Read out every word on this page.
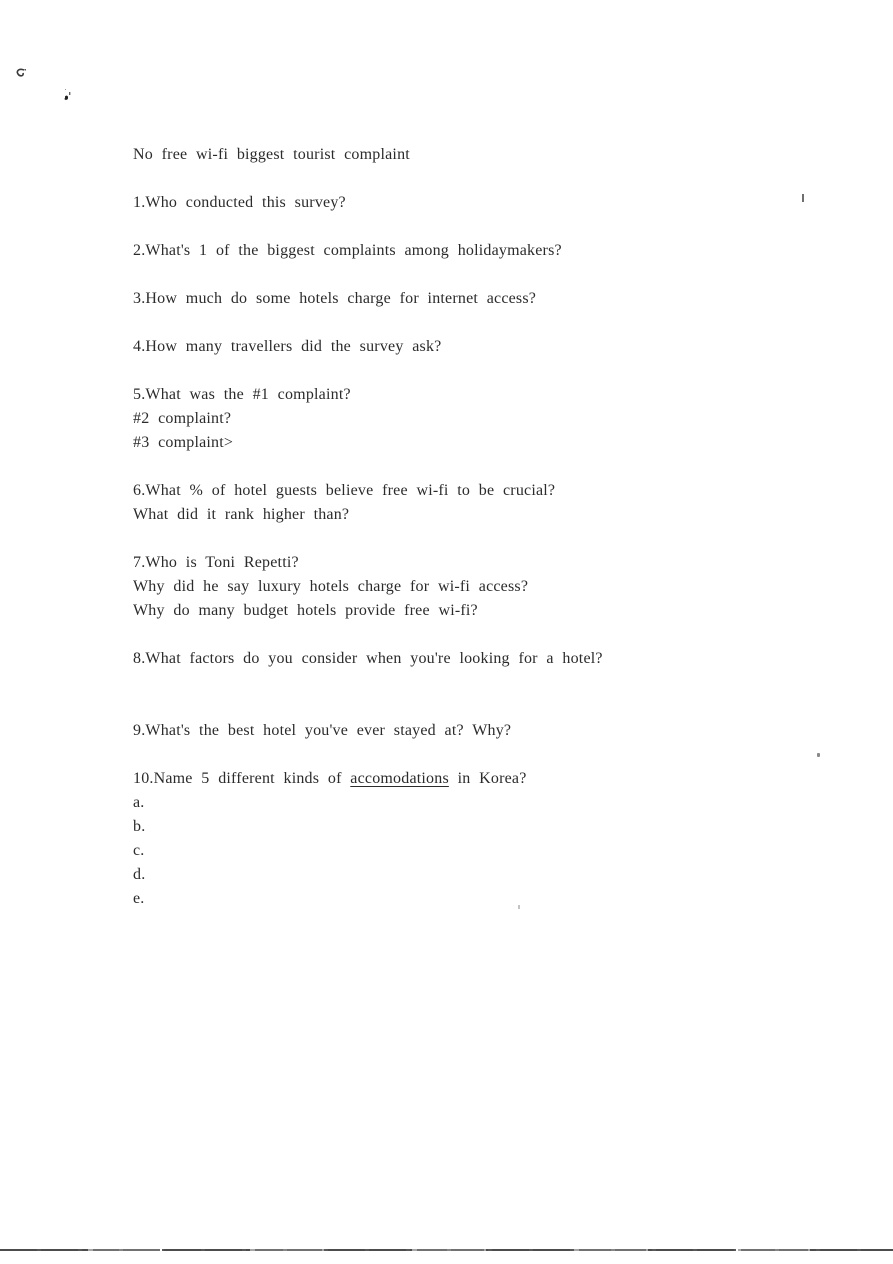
No free wi-fi biggest tourist complaint

1.Who conducted this survey?

2.What's 1 of the biggest complaints among holidaymakers?

3.How much do some hotels charge for internet access?

4.How many travellers did the survey ask?

5.What was the #1 complaint?

#2 complaint?

#3 complaint>

6.What % of hotel guests believe free wi-fi to be crucial?

What did it rank higher than?

7.Who is Toni Repetti?

Why did he say luxury hotels charge for wi-fi access?

Why do many budget hotels provide free wi-fi?

8.What factors do you consider when you're looking for a hotel?

9.What's the best hotel you've ever stayed at? Why?

10.Name 5 different kinds of accomodations in Korea?

a.

b.

c.

d.

e.
